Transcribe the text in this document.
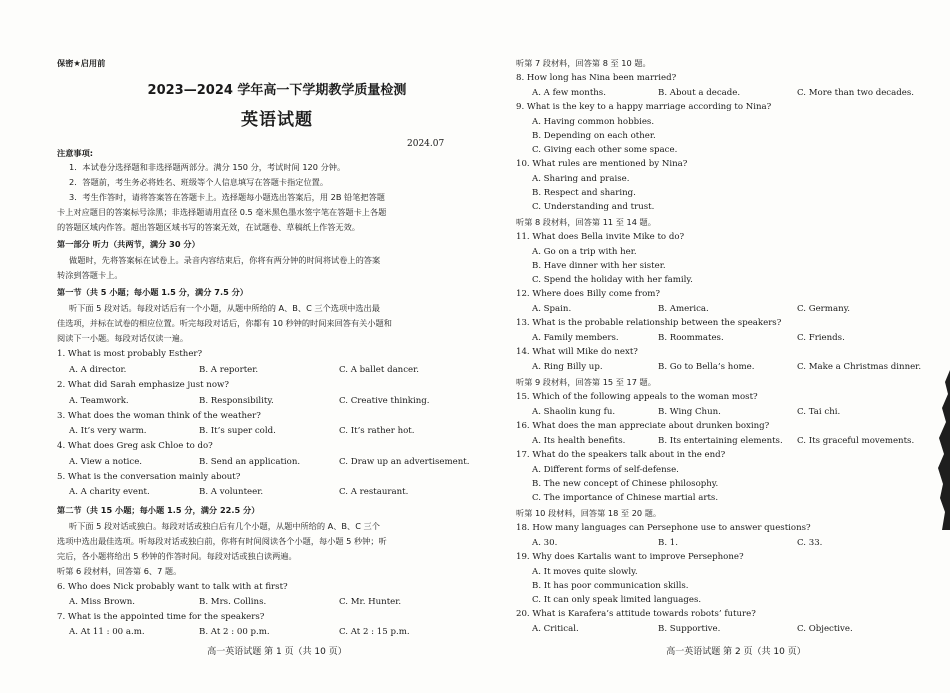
保密★启用前
2023—2024 学年高一下学期教学质量检测
英语试题
2024.07
注意事项:
1．本试卷分选择题和非选择题两部分。满分 150 分，考试时间 120 分钟。
2．答题前，考生务必将姓名、班级等个人信息填写在答题卡指定位置。
3．考生作答时，请将答案答在答题卡上。选择题每小题选出答案后，用 2B 铅笔把答题
卡上对应题目的答案标号涂黑；非选择题请用直径 0.5 毫米黑色墨水签字笔在答题卡上各题
的答题区域内作答。超出答题区域书写的答案无效，在试题卷、草稿纸上作答无效。
第一部分 听力（共两节，满分 30 分）
做题时，先将答案标在试卷上。录音内容结束后，你将有两分钟的时间将试卷上的答案
转涂到答题卡上。
第一节（共 5 小题；每小题 1.5 分，满分 7.5 分）
听下面 5 段对话。每段对话后有一个小题，从题中所给的 A、B、C 三个选项中选出最
佳选项，并标在试卷的相应位置。听完每段对话后，你都有 10 秒钟的时间来回答有关小题和
阅读下一小题。每段对话仅读一遍。
1. What is most probably Esther?
A. A director.	B. A reporter.	C. A ballet dancer.
2. What did Sarah emphasize just now?
A. Teamwork.	B. Responsibility.	C. Creative thinking.
3. What does the woman think of the weather?
A. It’s very warm.	B. It’s super cold.	C. It’s rather hot.
4. What does Greg ask Chloe to do?
A. View a notice.	B. Send an application.	C. Draw up an advertisement.
5. What is the conversation mainly about?
A. A charity event.	B. A volunteer.	C. A restaurant.
第二节（共 15 小题；每小题 1.5 分，满分 22.5 分）
听下面 5 段对话或独白。每段对话或独白后有几个小题，从题中所给的 A、B、C 三个
选项中选出最佳选项。听每段对话或独白前，你将有时间阅读各个小题，每小题 5 秒钟；听
完后，各小题将给出 5 秒钟的作答时间。每段对话或独白读两遍。
听第 6 段材料，回答第 6、7 题。
6. Who does Nick probably want to talk with at first?
A. Miss Brown.	B. Mrs. Collins.	C. Mr. Hunter.
7. What is the appointed time for the speakers?
A. At 11 : 00 a.m.	B. At 2 : 00 p.m.	C. At 2 : 15 p.m.
高一英语试题 第 1 页（共 10 页）
听第 7 段材料，回答第 8 至 10 题。
8. How long has Nina been married?
A. A few months.	B. About a decade.	C. More than two decades.
9. What is the key to a happy marriage according to Nina?
A. Having common hobbies.
B. Depending on each other.
C. Giving each other some space.
10. What rules are mentioned by Nina?
A. Sharing and praise.
B. Respect and sharing.
C. Understanding and trust.
听第 8 段材料，回答第 11 至 14 题。
11. What does Bella invite Mike to do?
A. Go on a trip with her.
B. Have dinner with her sister.
C. Spend the holiday with her family.
12. Where does Billy come from?
A. Spain.	B. America.	C. Germany.
13. What is the probable relationship between the speakers?
A. Family members.	B. Roommates.	C. Friends.
14. What will Mike do next?
A. Ring Billy up.	B. Go to Bella’s home.	C. Make a Christmas dinner.
听第 9 段材料，回答第 15 至 17 题。
15. Which of the following appeals to the woman most?
A. Shaolin kung fu.	B. Wing Chun.	C. Tai chi.
16. What does the man appreciate about drunken boxing?
A. Its health benefits.	B. Its entertaining elements. C. Its graceful movements.
17. What do the speakers talk about in the end?
A. Different forms of self-defense.
B. The new concept of Chinese philosophy.
C. The importance of Chinese martial arts.
听第 10 段材料，回答第 18 至 20 题。
18. How many languages can Persephone use to answer questions?
A. 30.	B. 1.	C. 33.
19. Why does Kartalis want to improve Persephone?
A. It moves quite slowly.
B. It has poor communication skills.
C. It can only speak limited languages.
20. What is Karafera’s attitude towards robots’ future?
A. Critical.	B. Supportive.	C. Objective.
高一英语试题 第 2 页（共 10 页）
